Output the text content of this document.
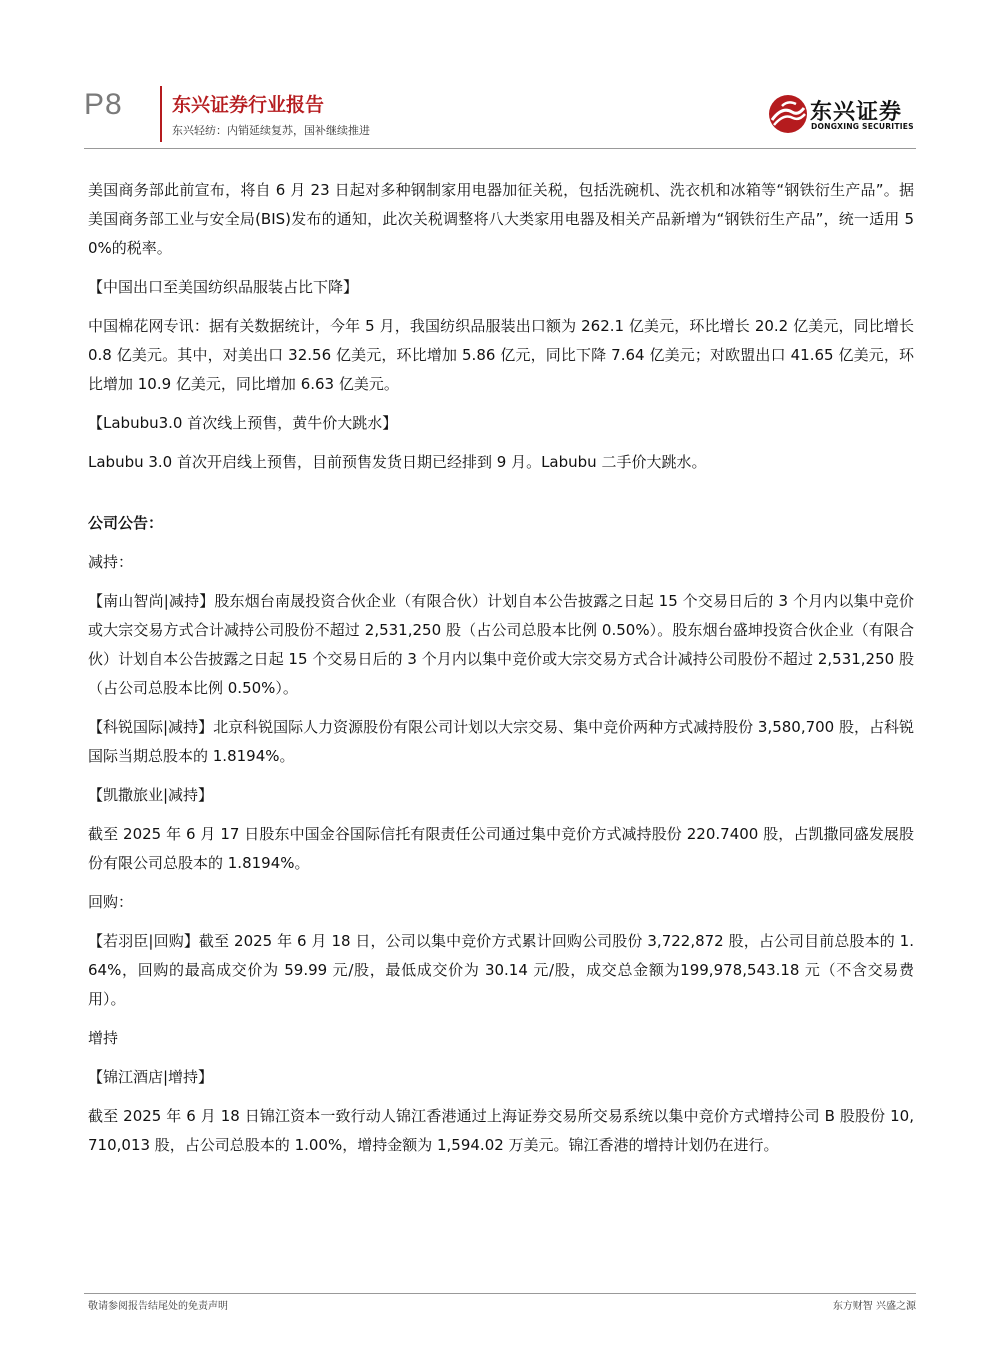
P8	东兴证券行业报告
东兴轻纺：内销延续复苏，国补继续推进
东兴证券
DONGXING SECURITIES

美国商务部此前宣布，将自 6 月 23 日起对多种钢制家用电器加征关税，包括洗碗机、洗衣机和冰箱等“钢铁衍生产品”。据美国商务部工业与安全局(BIS)发布的通知，此次关税调整将八大类家用电器及相关产品新增为“钢铁衍生产品”，统一适用 50%的税率。

【中国出口至美国纺织品服装占比下降】

中国棉花网专讯：据有关数据统计，今年 5 月，我国纺织品服装出口额为 262.1 亿美元，环比增长 20.2 亿美元，同比增长 0.8 亿美元。其中，对美出口 32.56 亿美元，环比增加 5.86 亿元，同比下降 7.64 亿美元；对欧盟出口 41.65 亿美元，环比增加 10.9 亿美元，同比增加 6.63 亿美元。

【Labubu3.0 首次线上预售，黄牛价大跳水】

Labubu 3.0 首次开启线上预售，目前预售发货日期已经排到 9 月。Labubu 二手价大跳水。

公司公告：

减持：

【南山智尚|减持】股东烟台南晟投资合伙企业（有限合伙）计划自本公告披露之日起 15 个交易日后的 3 个月内以集中竞价或大宗交易方式合计减持公司股份不超过 2,531,250 股（占公司总股本比例 0.50%）。股东烟台盛坤投资合伙企业（有限合伙）计划自本公告披露之日起 15 个交易日后的 3 个月内以集中竞价或大宗交易方式合计减持公司股份不超过 2,531,250 股（占公司总股本比例 0.50%）。

【科锐国际|减持】北京科锐国际人力资源股份有限公司计划以大宗交易、集中竞价两种方式减持股份 3,580,700 股，占科锐国际当期总股本的 1.8194%。

【凯撒旅业|减持】

截至 2025 年 6 月 17 日股东中国金谷国际信托有限责任公司通过集中竞价方式减持股份 220.7400 股，占凯撒同盛发展股份有限公司总股本的 1.8194%。

回购：

【若羽臣|回购】截至 2025 年 6 月 18 日，公司以集中竞价方式累计回购公司股份 3,722,872 股，占公司目前总股本的 1.64%，回购的最高成交价为 59.99 元/股，最低成交价为 30.14 元/股，成交总金额为199,978,543.18 元（不含交易费用）。

增持

【锦江酒店|增持】

截至 2025 年 6 月 18 日锦江资本一致行动人锦江香港通过上海证券交易所交易系统以集中竞价方式增持公司 B 股股份 10,710,013 股，占公司总股本的 1.00%，增持金额为 1,594.02 万美元。锦江香港的增持计划仍在进行。

敬请参阅报告结尾处的免责声明	东方财智 兴盛之源
